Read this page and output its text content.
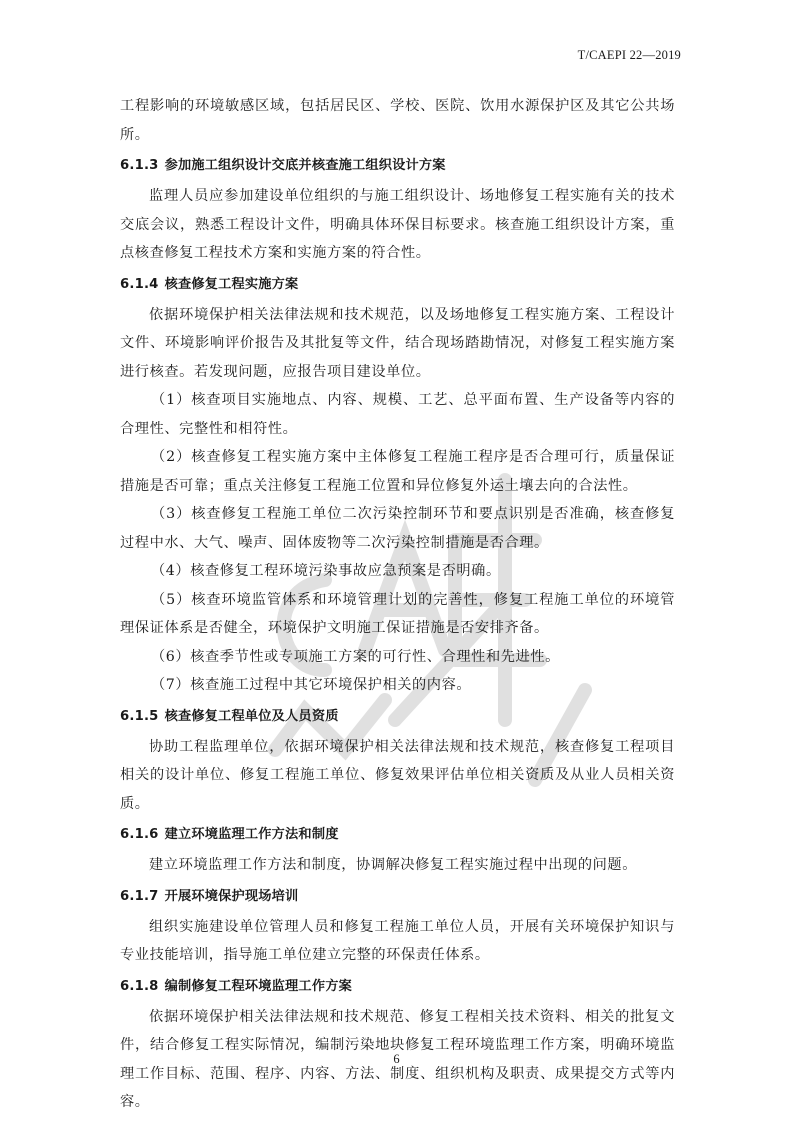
T/CAEPI 22—2019

工程影响的环境敏感区域，包括居民区、学校、医院、饮用水源保护区及其它公共场所。

6.1.3 参加施工组织设计交底并核查施工组织设计方案

监理人员应参加建设单位组织的与施工组织设计、场地修复工程实施有关的技术交底会议，熟悉工程设计文件，明确具体环保目标要求。核查施工组织设计方案，重点核查修复工程技术方案和实施方案的符合性。

6.1.4 核查修复工程实施方案

依据环境保护相关法律法规和技术规范，以及场地修复工程实施方案、工程设计文件、环境影响评价报告及其批复等文件，结合现场踏勘情况，对修复工程实施方案进行核查。若发现问题，应报告项目建设单位。

（1）核查项目实施地点、内容、规模、工艺、总平面布置、生产设备等内容的合理性、完整性和相符性。

（2）核查修复工程实施方案中主体修复工程施工程序是否合理可行，质量保证措施是否可靠；重点关注修复工程施工位置和异位修复外运土壤去向的合法性。

（3）核查修复工程施工单位二次污染控制环节和要点识别是否准确，核查修复过程中水、大气、噪声、固体废物等二次污染控制措施是否合理。

（4）核查修复工程环境污染事故应急预案是否明确。

（5）核查环境监管体系和环境管理计划的完善性，修复工程施工单位的环境管理保证体系是否健全，环境保护文明施工保证措施是否安排齐备。

（6）核查季节性或专项施工方案的可行性、合理性和先进性。

（7）核查施工过程中其它环境保护相关的内容。

6.1.5 核查修复工程单位及人员资质

协助工程监理单位，依据环境保护相关法律法规和技术规范，核查修复工程项目相关的设计单位、修复工程施工单位、修复效果评估单位相关资质及从业人员相关资质。

6.1.6 建立环境监理工作方法和制度

建立环境监理工作方法和制度，协调解决修复工程实施过程中出现的问题。

6.1.7 开展环境保护现场培训

组织实施建设单位管理人员和修复工程施工单位人员，开展有关环境保护知识与专业技能培训，指导施工单位建立完整的环保责任体系。

6.1.8 编制修复工程环境监理工作方案

依据环境保护相关法律法规和技术规范、修复工程相关技术资料、相关的批复文件，结合修复工程实际情况，编制污染地块修复工程环境监理工作方案，明确环境监理工作目标、范围、程序、内容、方法、制度、组织机构及职责、成果提交方式等内容。

6
